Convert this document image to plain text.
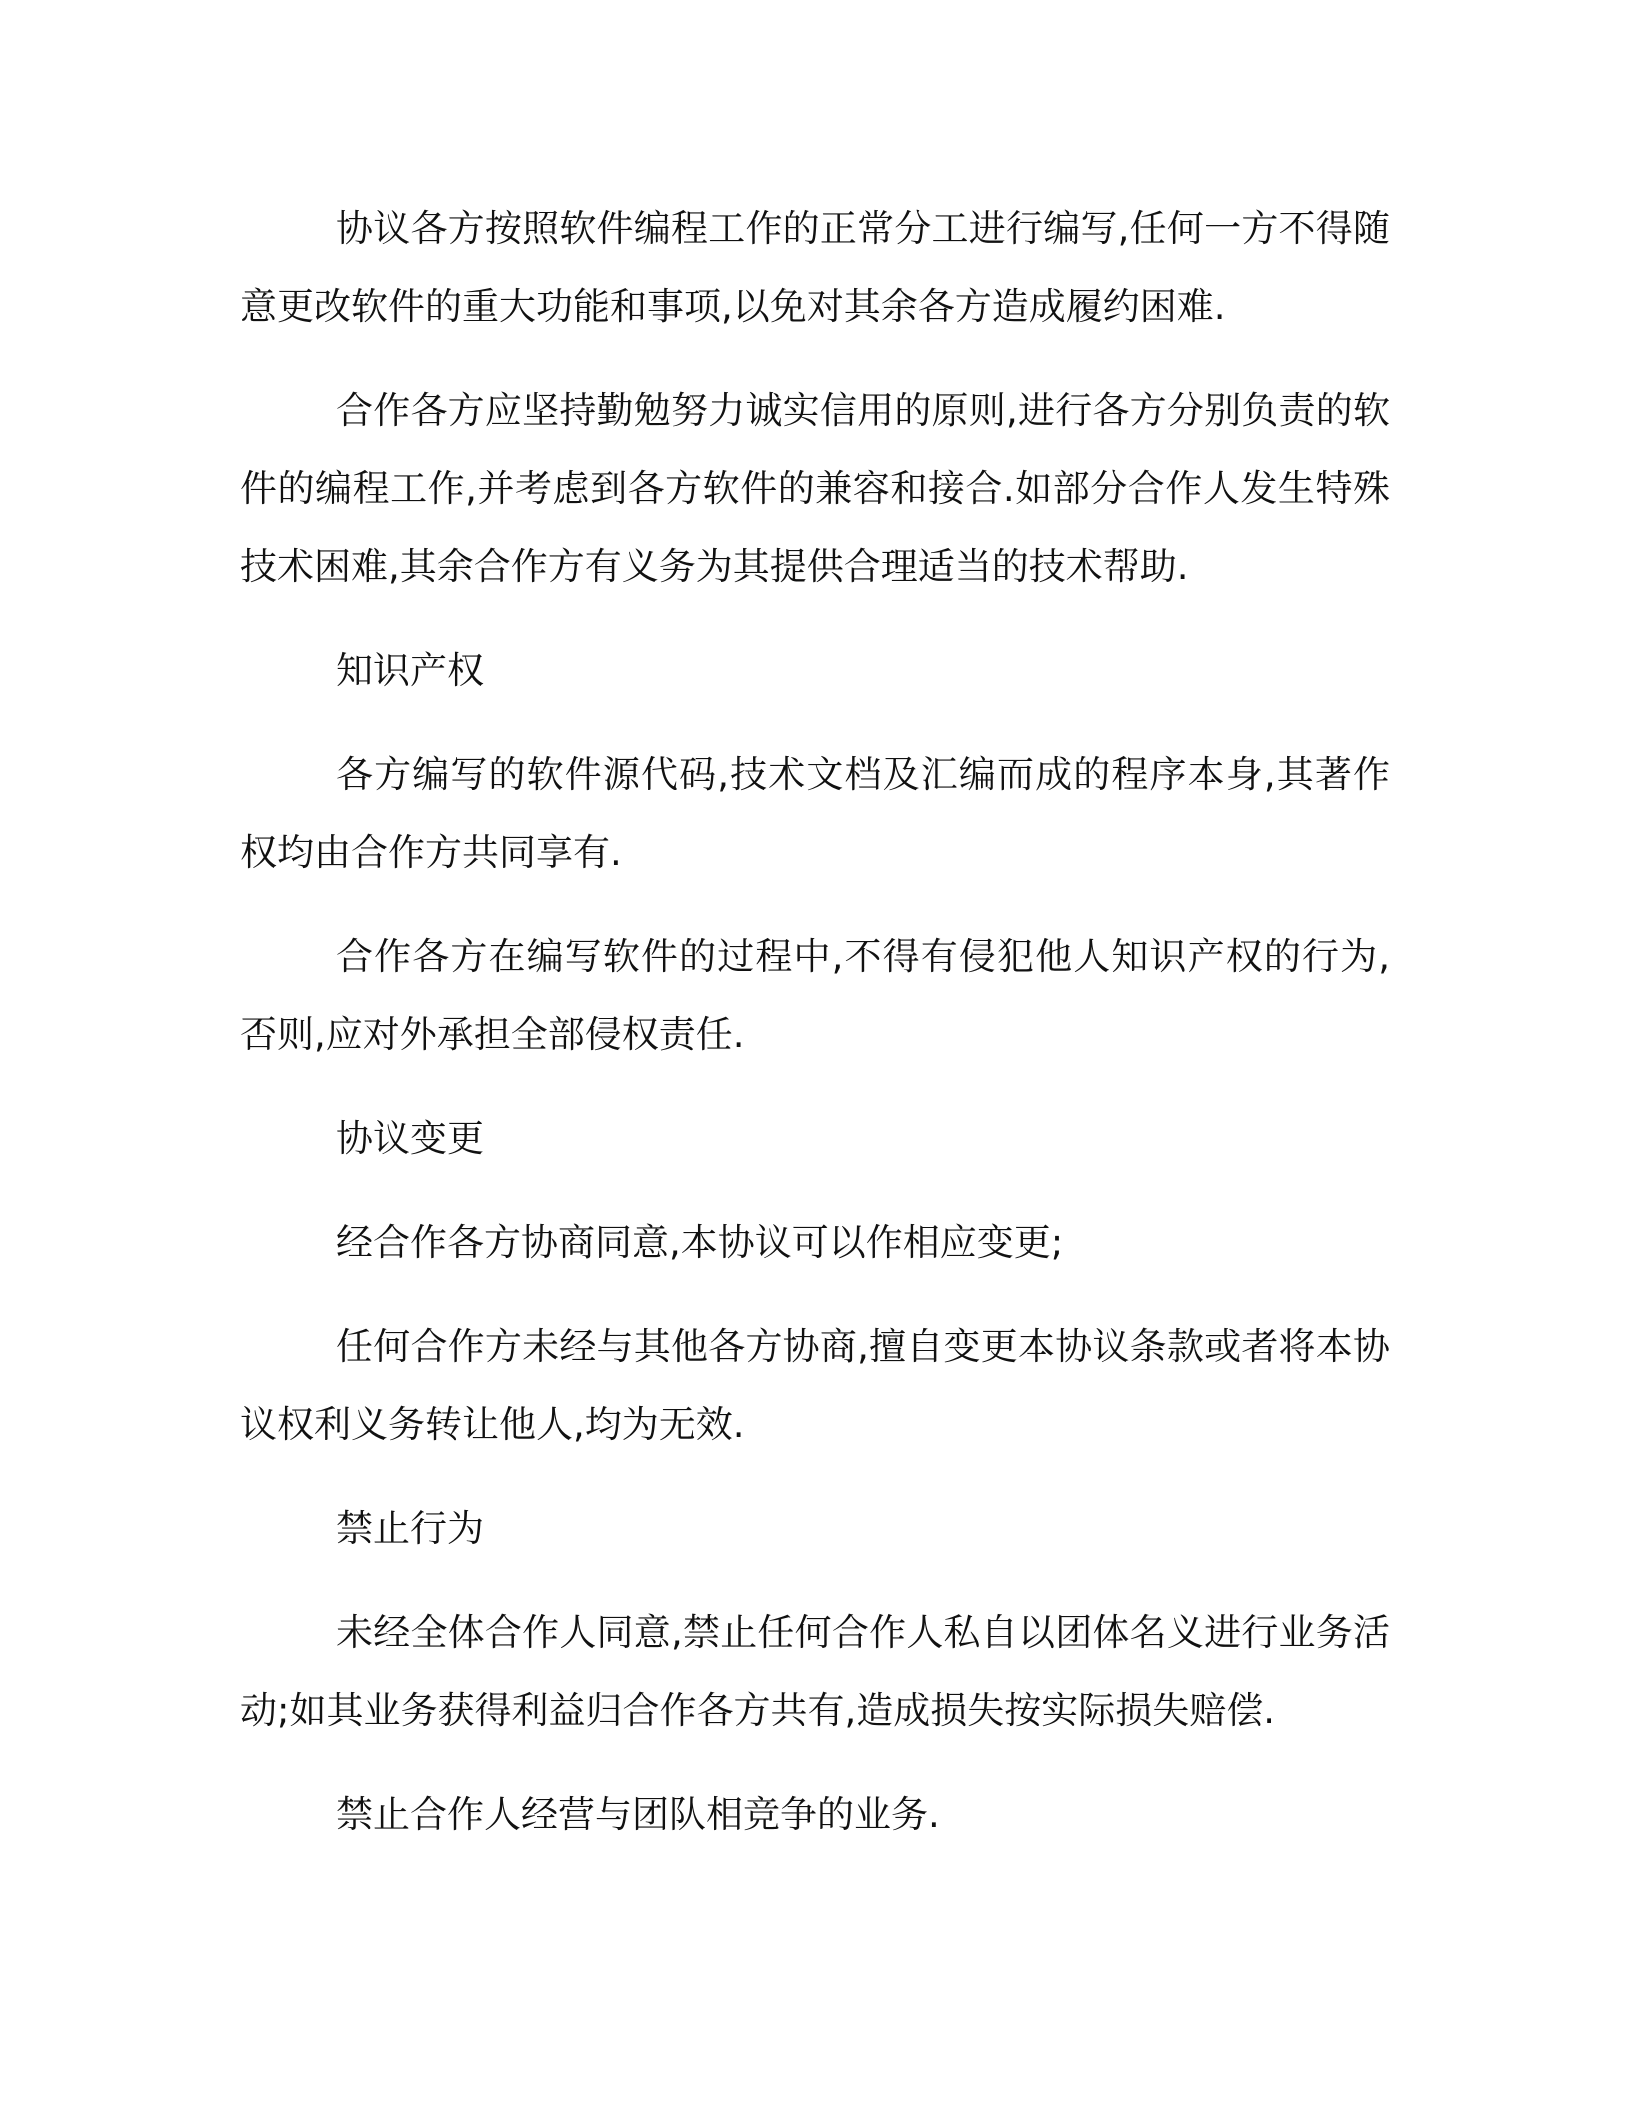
协议各方按照软件编程工作的正常分工进行编写,任何一方不得随意更改软件的重大功能和事项,以免对其余各方造成履约困难.

合作各方应坚持勤勉努力诚实信用的原则,进行各方分别负责的软件的编程工作,并考虑到各方软件的兼容和接合.如部分合作人发生特殊技术困难,其余合作方有义务为其提供合理适当的技术帮助.

知识产权

各方编写的软件源代码,技术文档及汇编而成的程序本身,其著作权均由合作方共同享有.

合作各方在编写软件的过程中,不得有侵犯他人知识产权的行为,否则,应对外承担全部侵权责任.

协议变更

经合作各方协商同意,本协议可以作相应变更;

任何合作方未经与其他各方协商,擅自变更本协议条款或者将本协议权利义务转让他人,均为无效.

禁止行为

未经全体合作人同意,禁止任何合作人私自以团体名义进行业务活动;如其业务获得利益归合作各方共有,造成损失按实际损失赔偿.

禁止合作人经营与团队相竞争的业务.
